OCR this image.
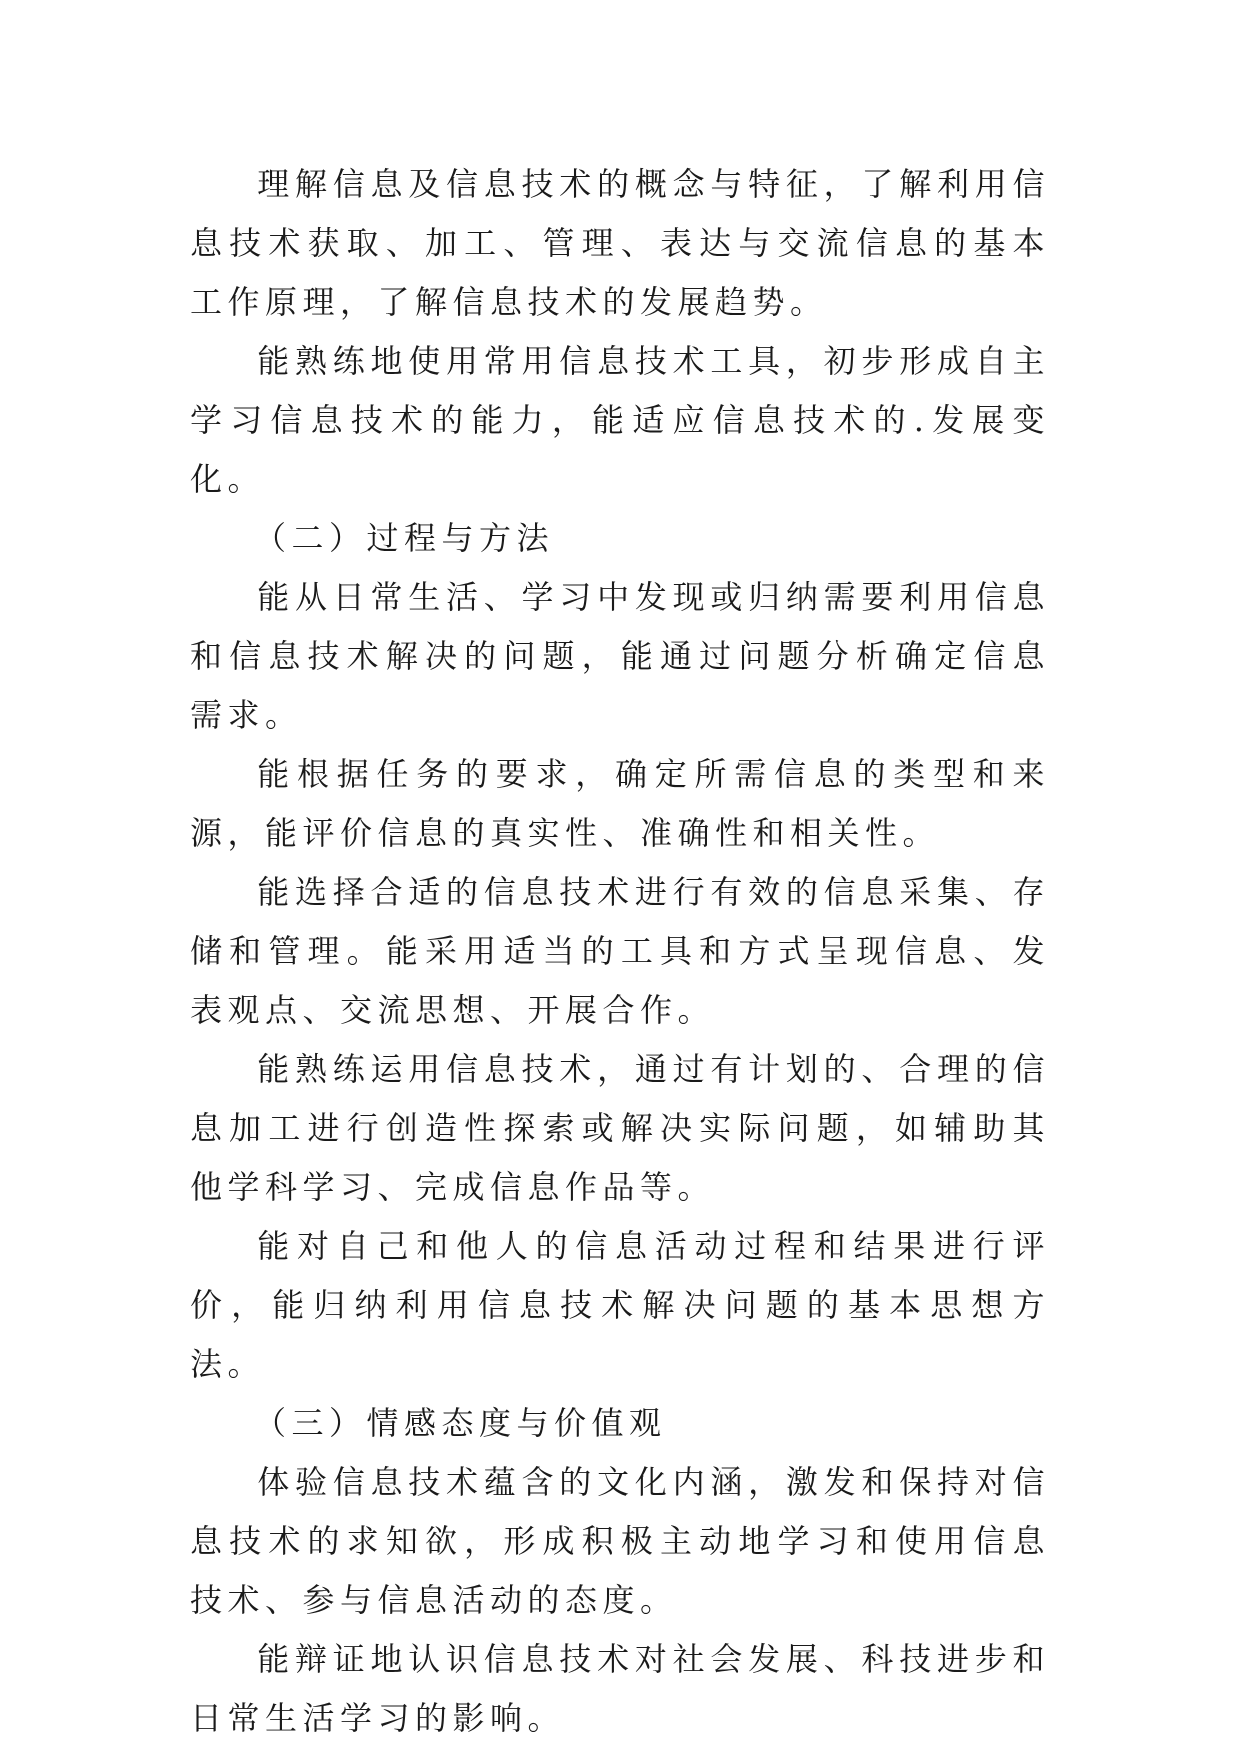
理解信息及信息技术的概念与特征，了解利用信息技术获取、加工、管理、表达与交流信息的基本工作原理，了解信息技术的发展趋势。

能熟练地使用常用信息技术工具，初步形成自主学习信息技术的能力，能适应信息技术的.发展变化。

（二）过程与方法

能从日常生活、学习中发现或归纳需要利用信息和信息技术解决的问题，能通过问题分析确定信息需求。

能根据任务的要求，确定所需信息的类型和来源，能评价信息的真实性、准确性和相关性。

能选择合适的信息技术进行有效的信息采集、存储和管理。能采用适当的工具和方式呈现信息、发表观点、交流思想、开展合作。

能熟练运用信息技术，通过有计划的、合理的信息加工进行创造性探索或解决实际问题，如辅助其他学科学习、完成信息作品等。

能对自己和他人的信息活动过程和结果进行评价，能归纳利用信息技术解决问题的基本思想方法。

（三）情感态度与价值观

体验信息技术蕴含的文化内涵，激发和保持对信息技术的求知欲，形成积极主动地学习和使用信息技术、参与信息活动的态度。

能辩证地认识信息技术对社会发展、科技进步和日常生活学习的影响。
